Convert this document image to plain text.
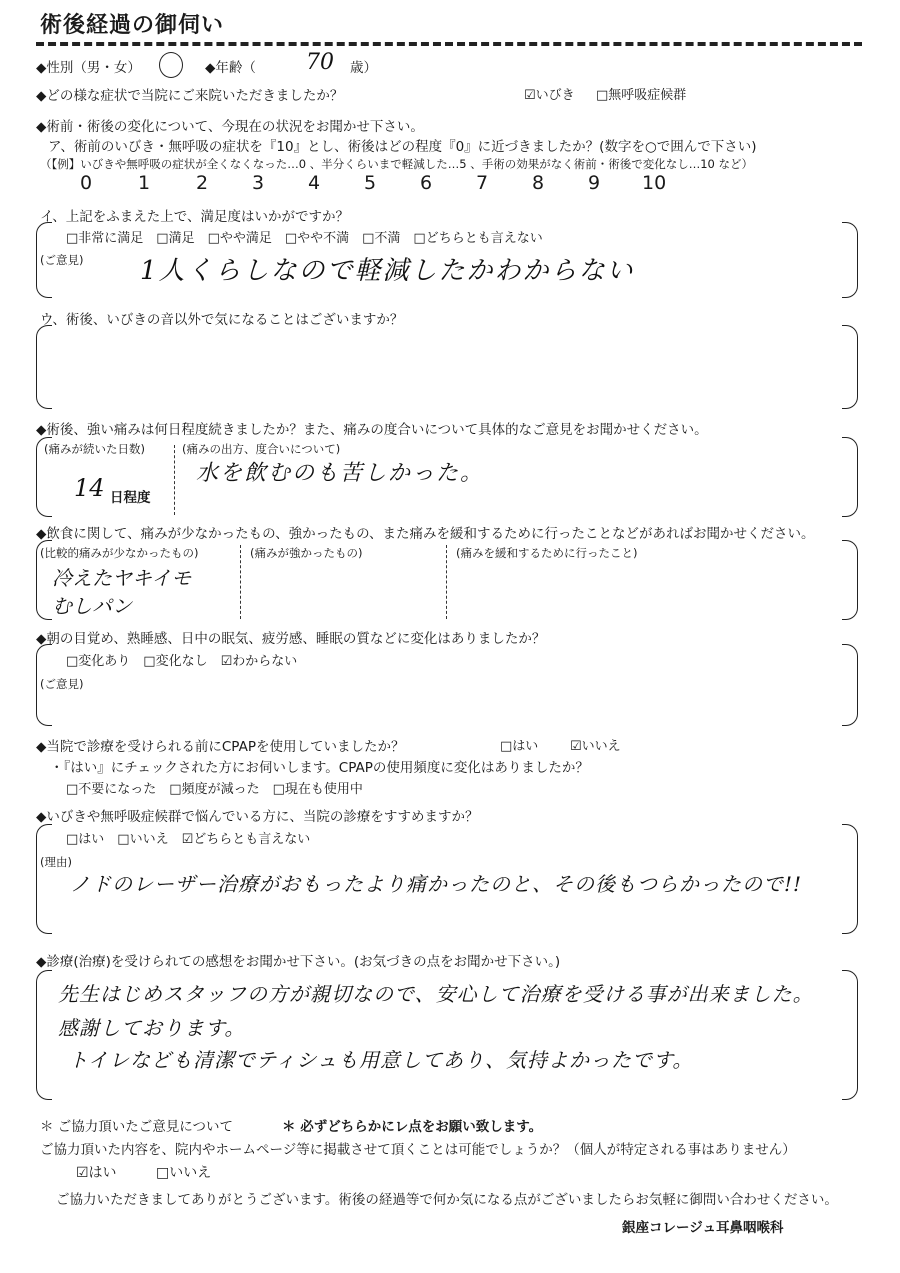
術後経過の御伺い
◆性別（男・女）	◆年齢（ 70 歳）
◆どの様な症状で当院にご来院いただきましたか？	☑いびき □無呼吸症候群
◆術前・術後の変化について、今現在の状況をお聞かせ下さい。
ア、術前のいびき・無呼吸の症状を『10』とし、術後はどの程度『0』に近づきましたか？(数字を○で囲んで下さい)
（【例】いびきや無呼吸の症状が全くなくなった…0 、半分くらいまで軽減した…5 、手術の効果がなく術前・術後で変化なし…10 など）
0 1 2 3 4 5 6 7 8 9 10
イ、上記をふまえた上で、満足度はいかがですか？
□非常に満足　□満足　□やや満足　□やや不満　□不満　□どちらとも言えない
(ご意見) 1人くらしなので軽減したかわからない
ウ、術後、いびきの音以外で気になることはございますか？
◆術後、強い痛みは何日程度続きましたか？また、痛みの度合いについて具体的なご意見をお聞かせください。
(痛みが続いた日数)
14 日程度
(痛みの出方、度合いについて)
水を飲むのも苦しかった。
◆飲食に関して、痛みが少なかったもの、強かったもの、また痛みを緩和するために行ったことなどがあればお聞かせください。
(比較的痛みが少なかったもの)
冷えたヤキイモ
むしパン
(痛みが強かったもの)	(痛みを緩和するために行ったこと)
◆朝の目覚め、熟睡感、日中の眠気、疲労感、睡眠の質などに変化はありましたか？
□変化あり　□変化なし　☑わからない
(ご意見)
◆当院で診療を受けられる前にCPAPを使用していましたか？	□はい ☑いいえ
・『はい』にチェックされた方にお伺いします。CPAPの使用頻度に変化はありましたか？
□不要になった　□頻度が減った　□現在も使用中
◆いびきや無呼吸症候群で悩んでいる方に、当院の診療をすすめますか？
□はい　□いいえ　☑どちらとも言えない
(理由)
ノドのレーザー治療がおもったより痛かったのと、その後もつらかったので!!
◆診療(治療)を受けられての感想をお聞かせ下さい。(お気づきの点をお聞かせ下さい。)
先生はじめスタッフの方が親切なので、安心して治療を受ける事が出来ました。
感謝しております。
トイレなども清潔でティシュも用意してあり、気持よかったです。
＊ ご協力頂いたご意見について	＊ 必ずどちらかにレ点をお願い致します。
ご協力頂いた内容を、院内やホームページ等に掲載させて頂くことは可能でしょうか？（個人が特定される事はありません）
☑はい	□いいえ
ご協力いただきましてありがとうございます。術後の経過等で何か気になる点がございましたらお気軽に御問い合わせください。
銀座コレージュ耳鼻咽喉科
